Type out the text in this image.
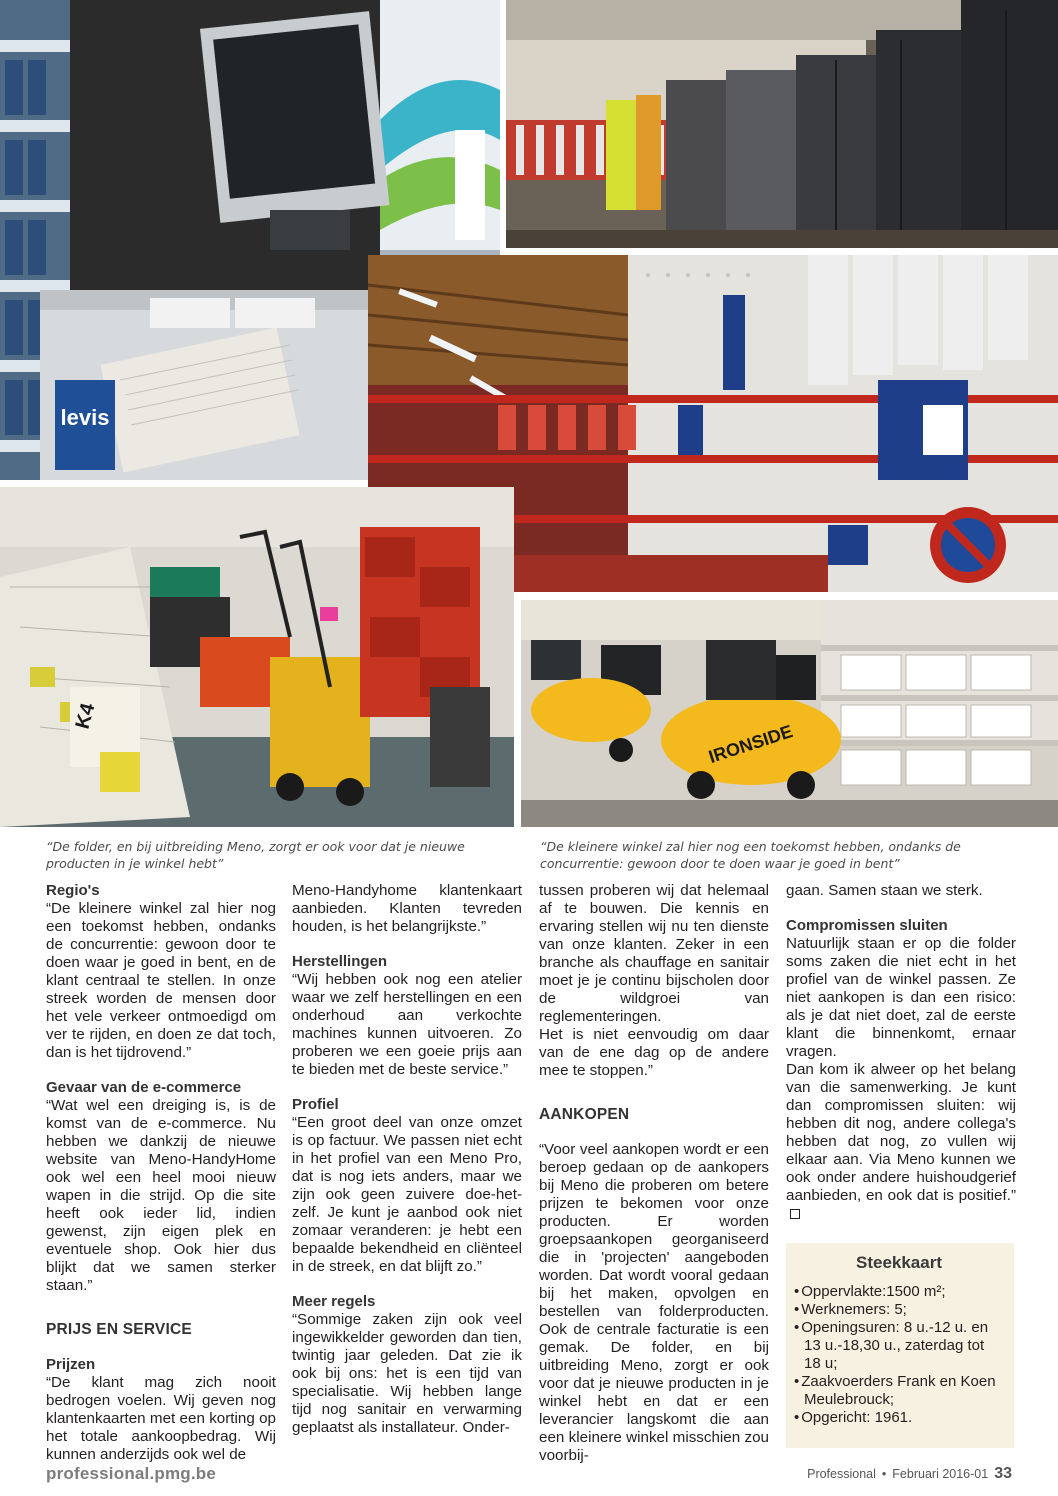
levis
K4
IRONSIDE
“De folder, en bij uitbreiding Meno, zorgt er ook voor dat je nieuwe producten in je winkel hebt”
“De kleinere winkel zal hier nog een toekomst hebben, ondanks de concurrentie: gewoon door te doen waar je goed in bent”
Regio's

“De kleinere winkel zal hier nog een toekomst hebben, ondanks de concurrentie: gewoon door te doen waar je goed in bent, en de klant centraal te stellen. In onze streek worden de mensen door het vele verkeer ontmoedigd om ver te rijden, en doen ze dat toch, dan is het tijdrovend.”

Gevaar van de e-commerce

“Wat wel een dreiging is, is de komst van de e-commerce. Nu hebben we dankzij de nieuwe website van Meno-HandyHome ook wel een heel mooi nieuw wapen in die strijd. Op die site heeft ook ieder lid, indien gewenst, zijn eigen plek en eventuele shop. Ook hier dus blijkt dat we samen sterker staan.”

PRIJS EN SERVICE
Prijzen

“De klant mag zich nooit bedrogen voelen. Wij geven nog klantenkaarten met een korting op het totale aankoopbedrag. Wij kunnen anderzijds ook wel de

Meno-Handyhome klantenkaart aanbieden. Klanten tevreden houden, is het belangrijkste.”

Herstellingen

“Wij hebben ook nog een atelier waar we zelf herstellingen en een onderhoud aan verkochte machines kunnen uitvoeren. Zo proberen we een goeie prijs aan te bieden met de beste service.”

Profiel

“Een groot deel van onze omzet is op factuur. We passen niet echt in het profiel van een Meno Pro, dat is nog iets anders, maar we zijn ook geen zuivere doe-het-zelf. Je kunt je aanbod ook niet zomaar veranderen: je hebt een bepaalde bekendheid en cliënteel in de streek, en dat blijft zo.”

Meer regels

“Sommige zaken zijn ook veel ingewikkelder geworden dan tien, twintig jaar geleden. Dat zie ik ook bij ons: het is een tijd van specialisatie. Wij hebben lange tijd nog sanitair en verwarming geplaatst als installateur. Onder-

tussen proberen wij dat helemaal af te bouwen. Die kennis en ervaring stellen wij nu ten dienste van onze klanten. Zeker in een branche als chauffage en sanitair moet je je continu bijscholen door de wildgroei van reglementeringen.

Het is niet eenvoudig om daar van de ene dag op de andere mee te stoppen.”

AANKOPEN

“Voor veel aankopen wordt er een beroep gedaan op de aankopers bij Meno die proberen om betere prijzen te bekomen voor onze producten. Er worden groepsaankopen georganiseerd die in 'projecten' aangeboden worden. Dat wordt vooral gedaan bij het maken, opvolgen en bestellen van folderproducten. Ook de centrale facturatie is een gemak. De folder, en bij uitbreiding Meno, zorgt er ook voor dat je nieuwe producten in je winkel hebt en dat er een leverancier langskomt die aan een kleinere winkel misschien zou voorbij-

gaan. Samen staan we sterk.

Compromissen sluiten

Natuurlijk staan er op die folder soms zaken die niet echt in het profiel van de winkel passen. Ze niet aankopen is dan een risico: als je dat niet doet, zal de eerste klant die binnenkomt, ernaar vragen.

Dan kom ik alweer op het belang van die samenwerking. Je kunt dan compromissen sluiten: wij hebben dit nog, andere collega's hebben dat nog, zo vullen wij elkaar aan. Via Meno kunnen we ook onder andere huishoudgerief aanbieden, en ook dat is positief.”

Steekkaart
• Oppervlakte:1500 m²;
• Werknemers: 5;
• Openingsuren: 8 u.-12 u. en 13 u.-18,30 u., zaterdag tot 18 u;
• Zaakvoerders Frank en Koen Meulebrouck;
• Opgericht: 1961.
professional.pmg.be	Professional • Februari 2016-01 33
